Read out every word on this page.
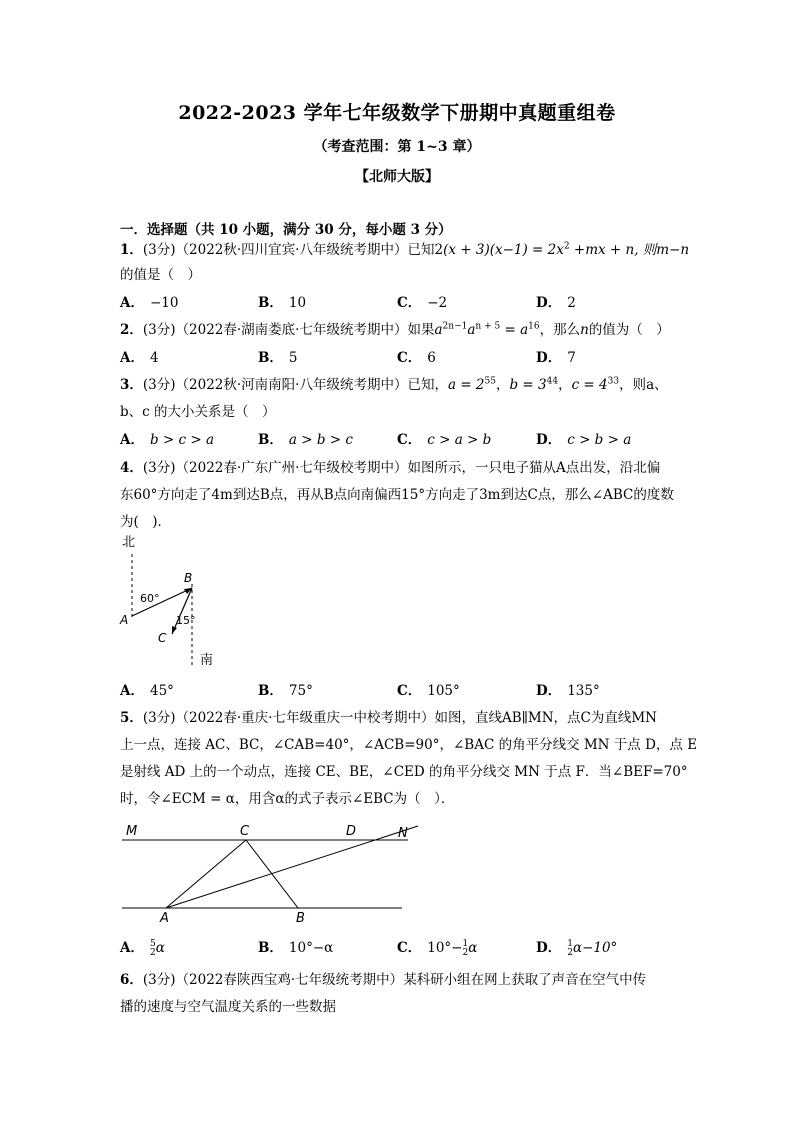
2022-2023 学年七年级数学下册期中真题重组卷
（考查范围：第 1~3 章）
【北师大版】
一．选择题（共 10 小题，满分 30 分，每小题 3 分）
1．(3分)（2022秋·四川宜宾·八年级统考期中）已知$2(x + 3)(x-1) = 2x^2 +mx + n$, 则m−n
的值是（　）
A． −10	B． 10	C． −2	D． 2
2．(3分)（2022春·湖南娄底·七年级统考期中）如果$a^{2n-1}a^{n + 5} = a^{16}$，那么n的值为（　）
A． 4	B． 5	C． 6	D． 7
3．(3分)（2022秋·河南南阳·八年级统考期中）已知，$a = 2^{55}$，$b = 3^{44}$，$c = 4^{33}$，则a、
b、c 的大小关系是（　）
A． b > c > a	B． a > b > c	C． c > a > b	D． c > b > a
4．(3分)（2022春·广东广州·七年级校考期中）如图所示，一只电子猫从A点出发，沿北偏
东60°方向走了4m到达B点，再从B点向南偏西15°方向走了3m到达C点，那么∠ABC的度数
为(　)．
北
60°
15°
A
B
C
南
A． 45°	B． 75°	C． 105°	D． 135°
5．(3分)（2022春·重庆·七年级重庆一中校考期中）如图，直线AB∥MN，点C为直线MN
上一点，连接 AC、BC，∠CAB=40°，∠ACB=90°，∠BAC 的角平分线交 MN 于点 D，点 E
是射线 AD 上的一个动点，连接 CE、BE，∠CED 的角平分线交 MN 于点 F．当∠BEF=70°
时，令∠ECM = α，用含α的式子表示∠EBC为（　）．
M	C	D	N
A	B
A． 5
2 α	B． 10°−α	C． 10°− 1
2 α	D． 1
2 α−10°
6．(3分)（2022春陕西宝鸡·七年级统考期中）某科研小组在网上获取了声音在空气中传
播的速度与空气温度关系的一些数据
